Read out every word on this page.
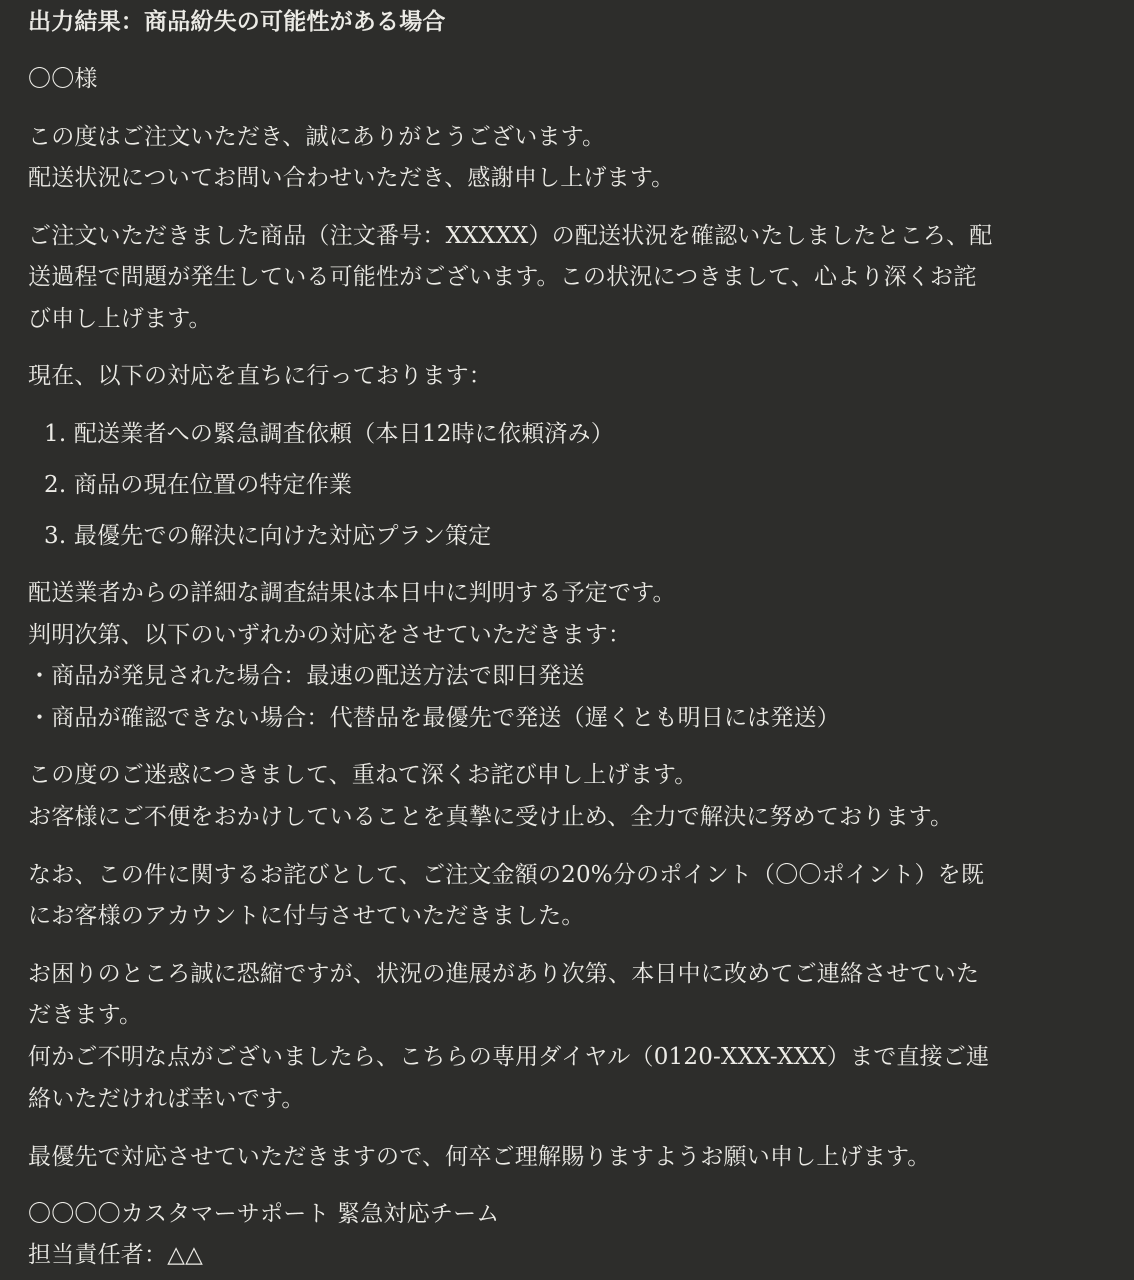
出力結果：商品紛失の可能性がある場合
〇〇様
この度はご注文いただき、誠にありがとうございます。
配送状況についてお問い合わせいただき、感謝申し上げます。
ご注文いただきました商品（注文番号：XXXXX）の配送状況を確認いたしましたところ、配
送過程で問題が発生している可能性がございます。この状況につきまして、心より深くお詫
び申し上げます。
現在、以下の対応を直ちに行っております：
1. 配送業者への緊急調査依頼（本日12時に依頼済み）
2. 商品の現在位置の特定作業
3. 最優先での解決に向けた対応プラン策定
配送業者からの詳細な調査結果は本日中に判明する予定です。
判明次第、以下のいずれかの対応をさせていただきます：
・商品が発見された場合：最速の配送方法で即日発送
・商品が確認できない場合：代替品を最優先で発送（遅くとも明日には発送）
この度のご迷惑につきまして、重ねて深くお詫び申し上げます。
お客様にご不便をおかけしていることを真摯に受け止め、全力で解決に努めております。
なお、この件に関するお詫びとして、ご注文金額の20%分のポイント（〇〇ポイント）を既
にお客様のアカウントに付与させていただきました。
お困りのところ誠に恐縮ですが、状況の進展があり次第、本日中に改めてご連絡させていた
だきます。
何かご不明な点がございましたら、こちらの専用ダイヤル（0120-XXX-XXX）まで直接ご連
絡いただければ幸いです。
最優先で対応させていただきますので、何卒ご理解賜りますようお願い申し上げます。
〇〇〇〇カスタマーサポート 緊急対応チーム
担当責任者：△△
